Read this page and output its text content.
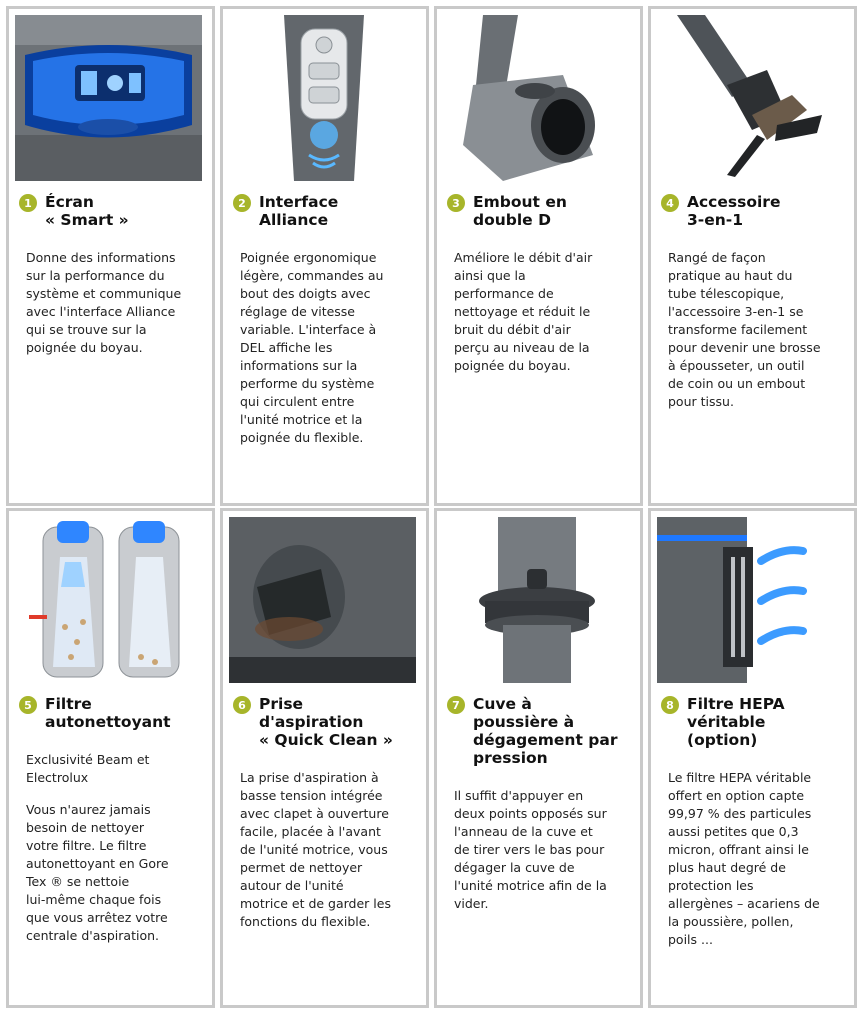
1 Écran
« Smart »

Donne des informations
sur la performance du
système et communique
avec l'interface Alliance
qui se trouve sur la
poignée du boyau.

2 Interface
Alliance

Poignée ergonomique
légère, commandes au
bout des doigts avec
réglage de vitesse
variable. L'interface à
DEL affiche les
informations sur la
performe du système
qui circulent entre
l'unité motrice et la
poignée du flexible.

3 Embout en
double D

Améliore le débit d'air
ainsi que la
performance de
nettoyage et réduit le
bruit du débit d'air
perçu au niveau de la
poignée du boyau.

4 Accessoire
3-en-1

Rangé de façon
pratique au haut du
tube télescopique,
l'accessoire 3-en-1 se
transforme facilement
pour devenir une brosse
à épousseter, un outil
de coin ou un embout
pour tissu.

5 Filtre
autonettoyant

Exclusivité Beam et
Electrolux

Vous n'aurez jamais
besoin de nettoyer
votre filtre. Le filtre
autonettoyant en Gore
Tex ® se nettoie
lui-même chaque fois
que vous arrêtez votre
centrale d'aspiration.

6 Prise
d'aspiration
« Quick Clean »

La prise d'aspiration à
basse tension intégrée
avec clapet à ouverture
facile, placée à l'avant
de l'unité motrice, vous
permet de nettoyer
autour de l'unité
motrice et de garder les
fonctions du flexible.

7 Cuve à
poussière à
dégagement par
pression

Il suffit d'appuyer en
deux points opposés sur
l'anneau de la cuve et
de tirer vers le bas pour
dégager la cuve de
l'unité motrice afin de la
vider.

8 Filtre HEPA
véritable
(option)

Le filtre HEPA véritable
offert en option capte
99,97 % des particules
aussi petites que 0,3
micron, offrant ainsi le
plus haut degré de
protection les
allergènes – acariens de
la poussière, pollen,
poils ...
